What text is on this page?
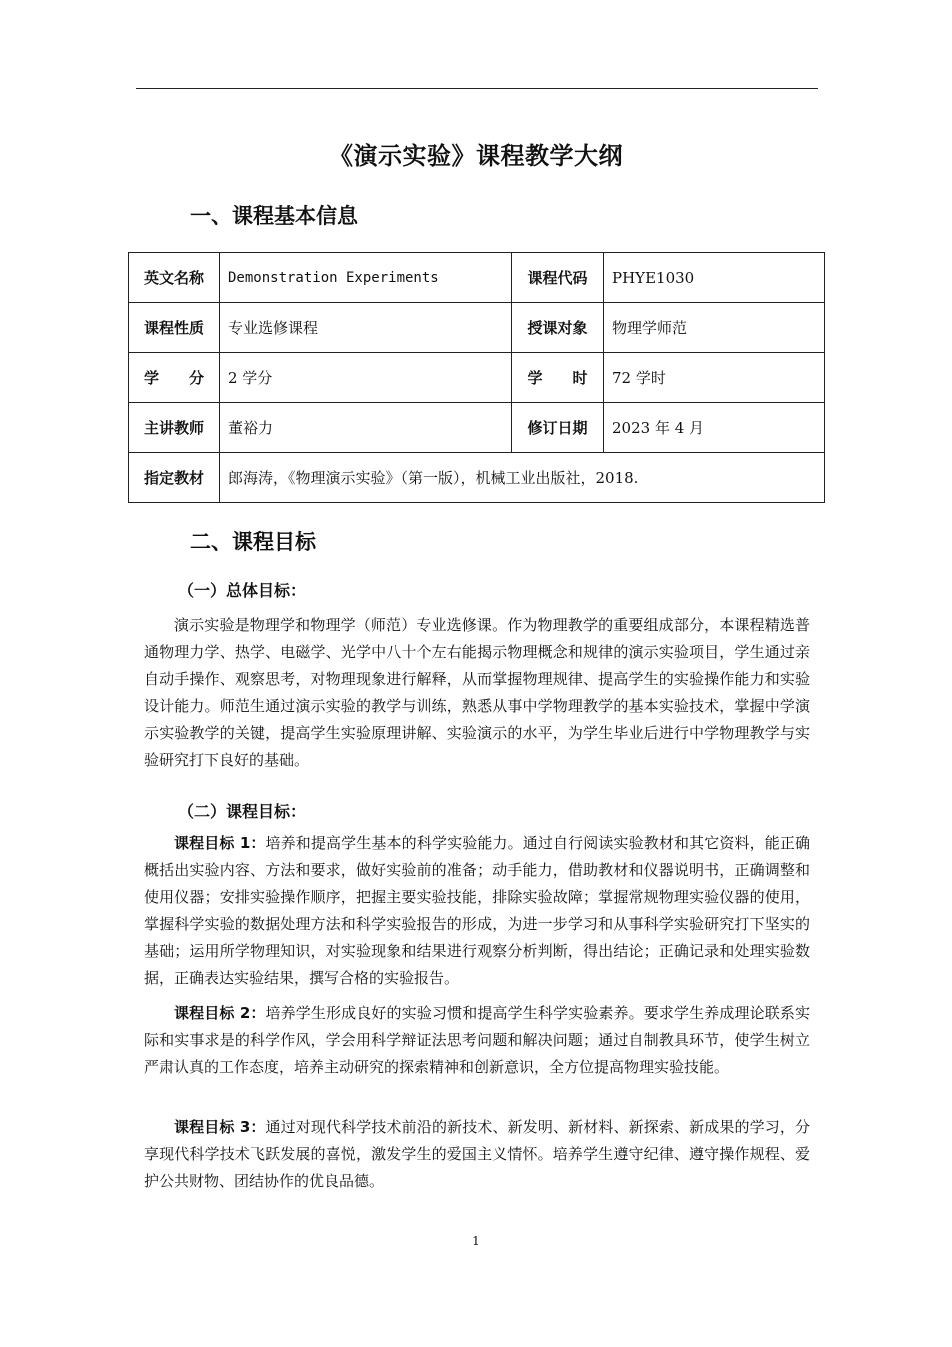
《演示实验》课程教学大纲
一、课程基本信息
英文名称	Demonstration Experiments	课程代码	PHYE1030
课程性质	专业选修课程	授课对象	物理学师范
学　　分	2 学分	学　　时	72 学时
主讲教师	董裕力	修订日期	2023 年 4 月
指定教材	郎海涛，《物理演示实验》（第一版），机械工业出版社，2018.		
二、课程目标
（一）总体目标：

演示实验是物理学和物理学（师范）专业选修课。作为物理教学的重要组成部分，本课程精选普通物理力学、热学、电磁学、光学中八十个左右能揭示物理概念和规律的演示实验项目，学生通过亲自动手操作、观察思考，对物理现象进行解释，从而掌握物理规律、提高学生的实验操作能力和实验设计能力。师范生通过演示实验的教学与训练，熟悉从事中学物理教学的基本实验技术，掌握中学演示实验教学的关键，提高学生实验原理讲解、实验演示的水平，为学生毕业后进行中学物理教学与实验研究打下良好的基础。

（二）课程目标：

课程目标 1：培养和提高学生基本的科学实验能力。通过自行阅读实验教材和其它资料，能正确概括出实验内容、方法和要求，做好实验前的准备；动手能力，借助教材和仪器说明书，正确调整和使用仪器；安排实验操作顺序，把握主要实验技能，排除实验故障；掌握常规物理实验仪器的使用，掌握科学实验的数据处理方法和科学实验报告的形成，为进一步学习和从事科学实验研究打下坚实的基础；运用所学物理知识，对实验现象和结果进行观察分析判断，得出结论；正确记录和处理实验数据，正确表达实验结果，撰写合格的实验报告。

课程目标 2：培养学生形成良好的实验习惯和提高学生科学实验素养。要求学生养成理论联系实际和实事求是的科学作风，学会用科学辩证法思考问题和解决问题；通过自制教具环节，使学生树立严肃认真的工作态度，培养主动研究的探索精神和创新意识，全方位提高物理实验技能。

课程目标 3：通过对现代科学技术前沿的新技术、新发明、新材料、新探索、新成果的学习，分享现代科学技术飞跃发展的喜悦，激发学生的爱国主义情怀。培养学生遵守纪律、遵守操作规程、爱护公共财物、团结协作的优良品德。

1
